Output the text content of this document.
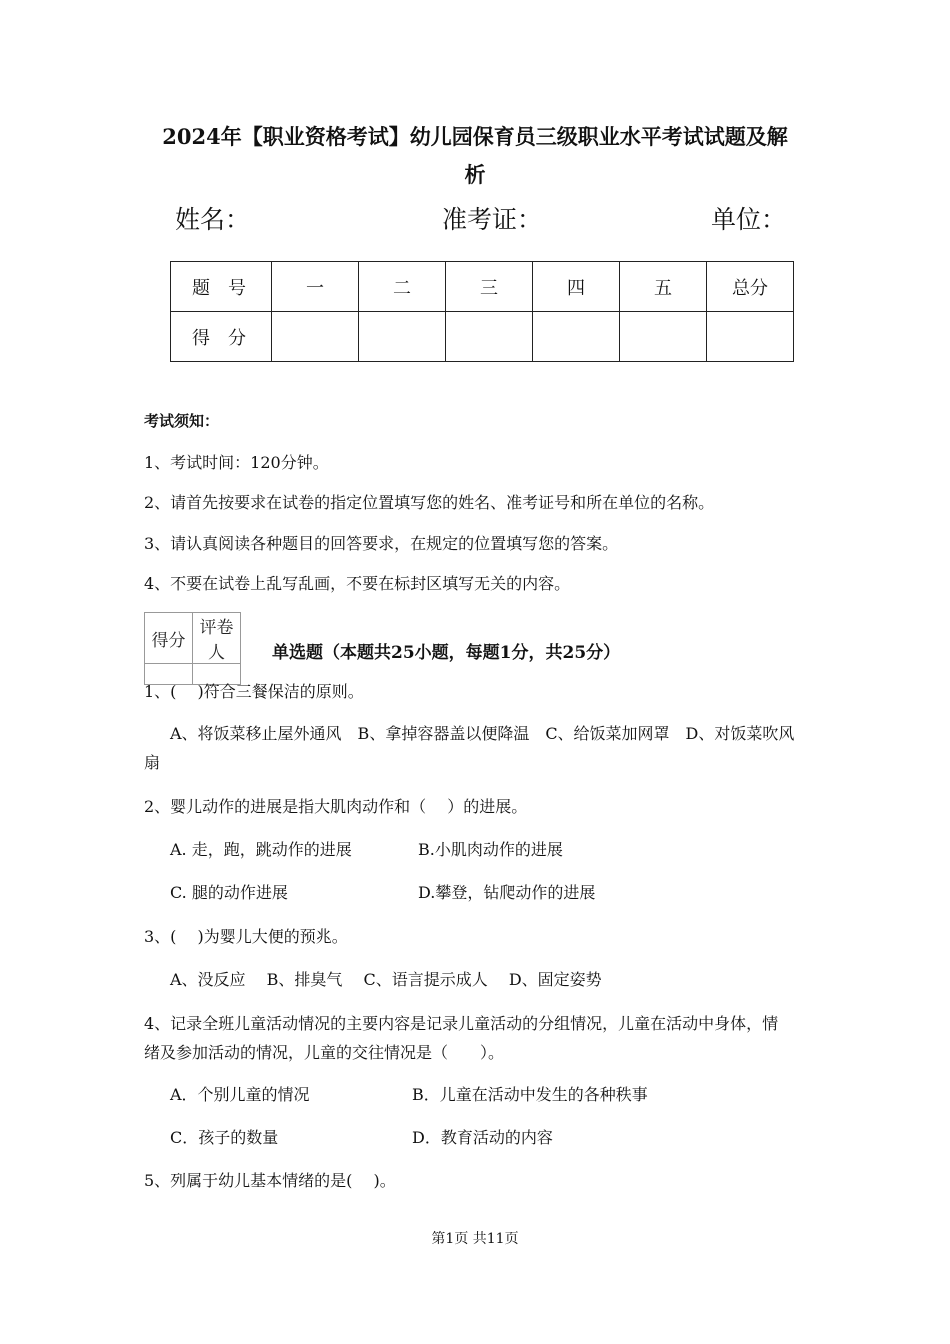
2024年【职业资格考试】幼儿园保育员三级职业水平考试试题及解
析
姓名：	准考证：	单位：
题号	一	二	三	四	五	总分
得分						
考试须知：
1、考试时间：120分钟。
2、请首先按要求在试卷的指定位置填写您的姓名、准考证号和所在单位的名称。
3、请认真阅读各种题目的回答要求，在规定的位置填写您的答案。
4、不要在试卷上乱写乱画，不要在标封区填写无关的内容。
得分	评卷人
		单选题（本题共25小题，每题1分，共25分）
1、(　 )符合三餐保洁的原则。
A、将饭菜移止屋外通风　B、拿掉容器盖以便降温　C、给饭菜加网罩　D、对饭菜吹风
扇
2、婴儿动作的进展是指大肌肉动作和（　 ）的进展。
A. 走，跑，跳动作的进展	B.小肌肉动作的进展
C. 腿的动作进展	D.攀登，钻爬动作的进展
3、(　 )为婴儿大便的预兆。
A、没反应　 B、排臭气　 C、语言提示成人　 D、固定姿势
4、记录全班儿童活动情况的主要内容是记录儿童活动的分组情况，儿童在活动中身体，情
绪及参加活动的情况，儿童的交往情况是（　　）。
A．个别儿童的情况	B．儿童在活动中发生的各种秩事
C．孩子的数量	D．教育活动的内容
5、列属于幼儿基本情绪的是(　 )。
第1页 共11页
